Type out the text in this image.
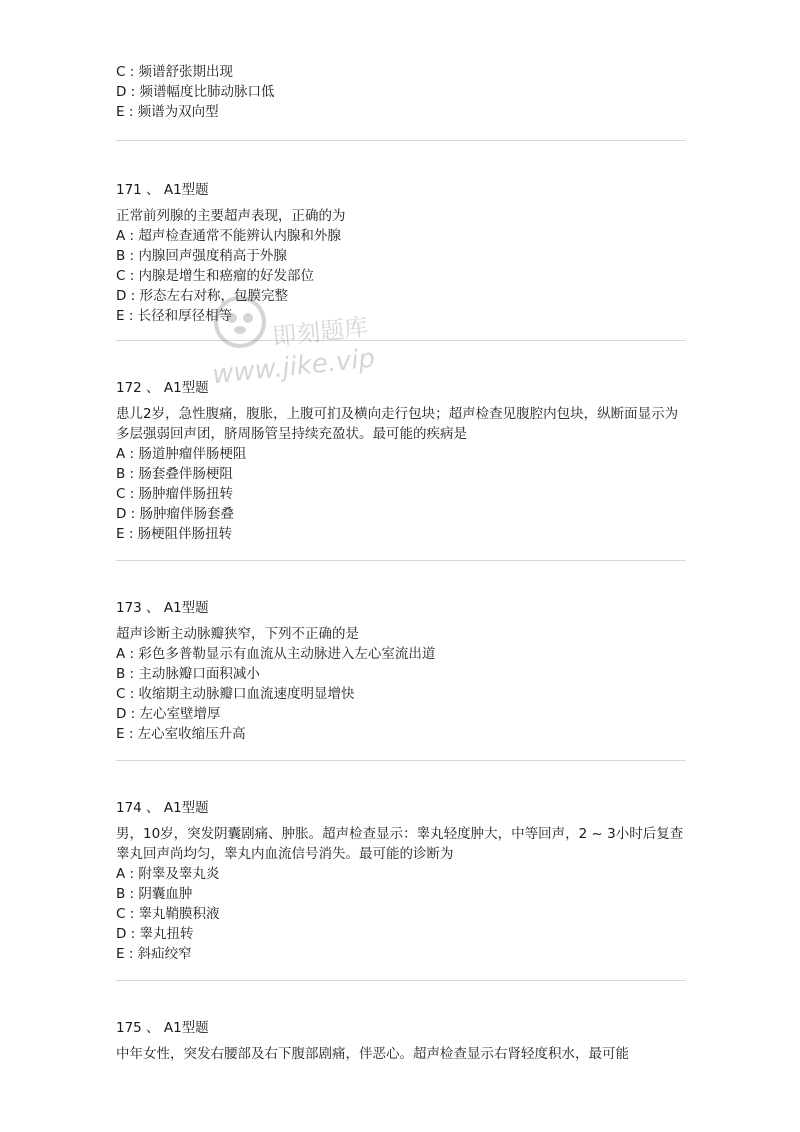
C : 频谱舒张期出现
D : 频谱幅度比肺动脉口低
E : 频谱为双向型
171 、 A1型题
正常前列腺的主要超声表现，正确的为
A : 超声检查通常不能辨认内腺和外腺
B : 内腺回声强度稍高于外腺
C : 内腺是增生和癌瘤的好发部位
D : 形态左右对称，包膜完整
E : 长径和厚径相等
172 、 A1型题
患儿2岁，急性腹痛，腹胀，上腹可扪及横向走行包块；超声检查见腹腔内包块，纵断面显示为多层强弱回声团，脐周肠管呈持续充盈状。最可能的疾病是
A : 肠道肿瘤伴肠梗阻
B : 肠套叠伴肠梗阻
C : 肠肿瘤伴肠扭转
D : 肠肿瘤伴肠套叠
E : 肠梗阻伴肠扭转
173 、 A1型题
超声诊断主动脉瓣狭窄，下列不正确的是
A : 彩色多普勒显示有血流从主动脉进入左心室流出道
B : 主动脉瓣口面积减小
C : 收缩期主动脉瓣口血流速度明显增快
D : 左心室壁增厚
E : 左心室收缩压升高
174 、 A1型题
男，10岁，突发阴囊剧痛、肿胀。超声检查显示：睾丸轻度肿大，中等回声，2 ~ 3小时后复查睾丸回声尚均匀，睾丸内血流信号消失。最可能的诊断为
A : 附睾及睾丸炎
B : 阴囊血肿
C : 睾丸鞘膜积液
D : 睾丸扭转
E : 斜疝绞窄
175 、 A1型题
中年女性，突发右腰部及右下腹部剧痛，伴恶心。超声检查显示右肾轻度积水，最可能
即刻题库
www.jike.vip
